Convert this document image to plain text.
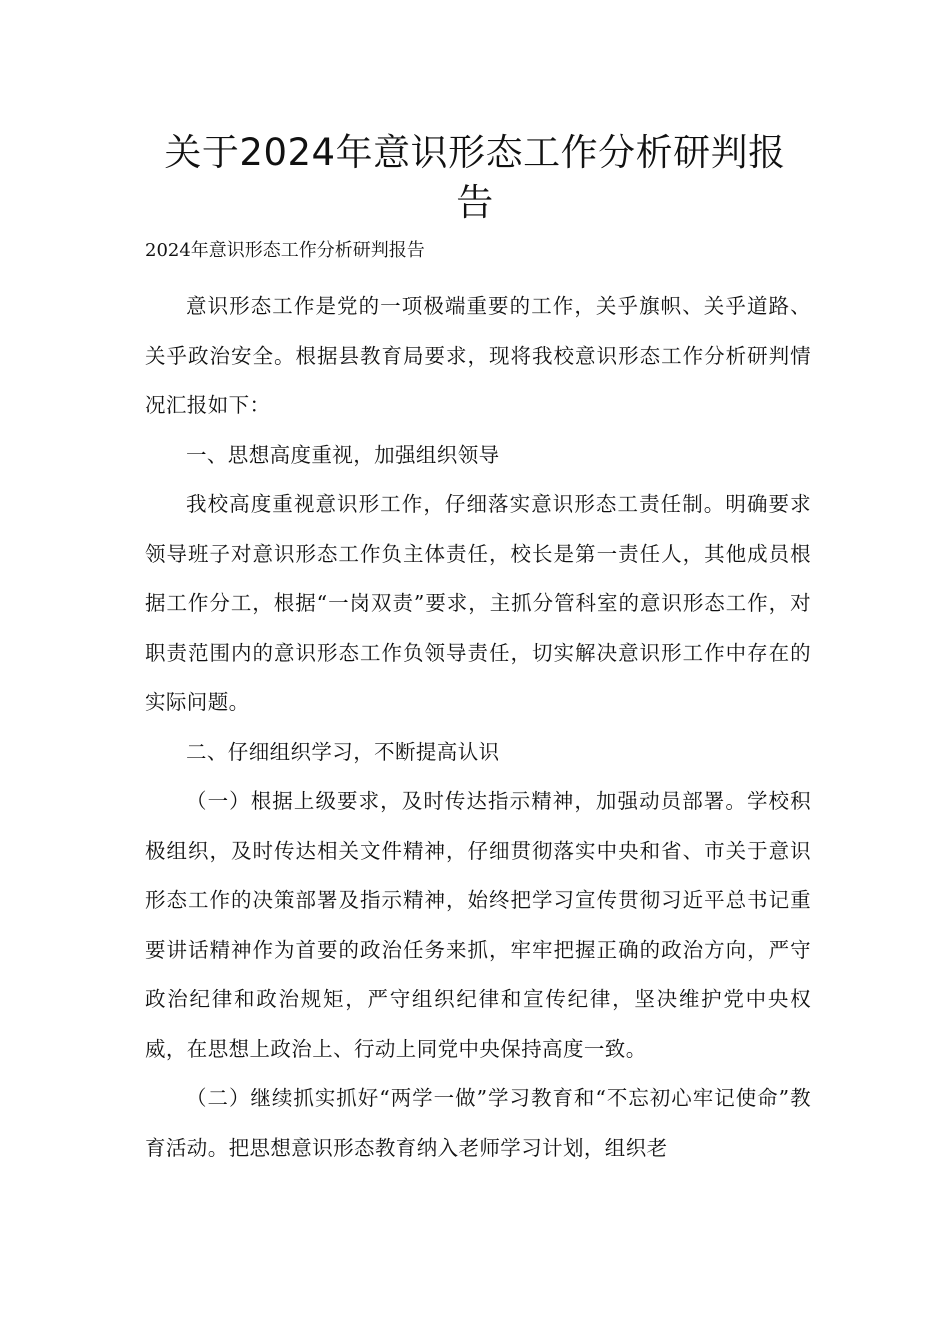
关于2024年意识形态工作分析研判报
告

2024年意识形态工作分析研判报告

意识形态工作是党的一项极端重要的工作，关乎旗帜、关乎道路、关乎政治安全。根据县教育局要求，现将我校意识形态工作分析研判情况汇报如下：

一、思想高度重视，加强组织领导

我校高度重视意识形工作，仔细落实意识形态工责任制。明确要求领导班子对意识形态工作负主体责任，校长是第一责任人，其他成员根据工作分工，根据“一岗双责”要求，主抓分管科室的意识形态工作，对职责范围内的意识形态工作负领导责任，切实解决意识形工作中存在的实际问题。

二、仔细组织学习，不断提高认识

（一）根据上级要求，及时传达指示精神，加强动员部署。学校积极组织，及时传达相关文件精神，仔细贯彻落实中央和省、市关于意识形态工作的决策部署及指示精神，始终把学习宣传贯彻习近平总书记重要讲话精神作为首要的政治任务来抓，牢牢把握正确的政治方向，严守政治纪律和政治规矩，严守组织纪律和宣传纪律，坚决维护党中央权威，在思想上政治上、行动上同党中央保持高度一致。

（二）继续抓实抓好“两学一做”学习教育和“不忘初心牢记使命”教育活动。把思想意识形态教育纳入老师学习计划，组织老
